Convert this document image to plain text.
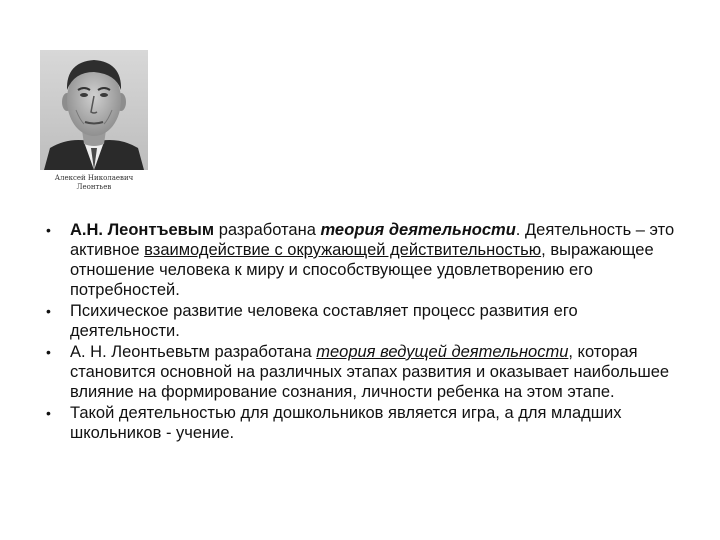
Алексей Николаевич
Леонтьев
• А.Н. Леонтъевым разработана теория деятельности. Деятельность – это активное взаимодействие с окружающей действительностью, выражающее отношение человека к миру и способствующее удовлетворению его потребностей.
• Психическое развитие человека составляет процесс развития его деятельности.
• А. Н. Леонтьевьтм разработана теория ведущей деятельности, которая становится основной на различных этапах развития и оказывает наибольшее влияние на формирование сознания, личности ребенка на этом этапе.
• Такой деятельностью для дошкольников является игра, а для младших школьников - учение.
